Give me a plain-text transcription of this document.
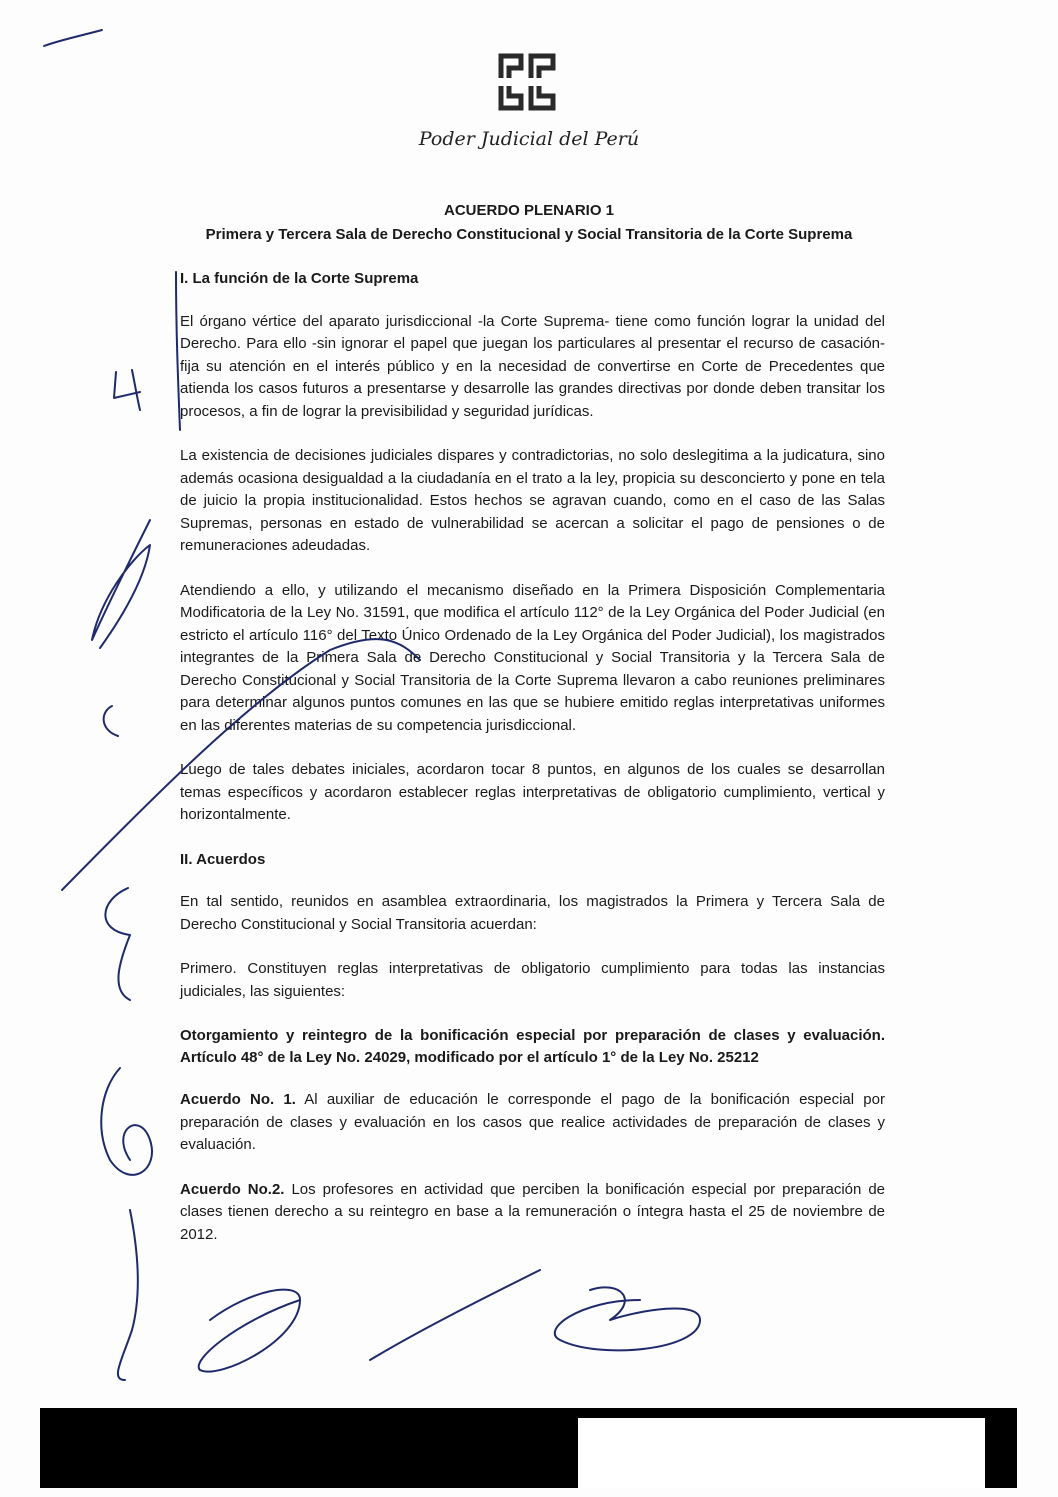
Poder Judicial del Perú
ACUERDO PLENARIO 1
Primera y Tercera Sala de Derecho Constitucional y Social Transitoria de la Corte Suprema
I. La función de la Corte Suprema

El órgano vértice del aparato jurisdiccional -la Corte Suprema- tiene como función lograr la unidad del Derecho. Para ello -sin ignorar el papel que juegan los particulares al presentar el recurso de casación- fija su atención en el interés público y en la necesidad de convertirse en Corte de Precedentes que atienda los casos futuros a presentarse y desarrolle las grandes directivas por donde deben transitar los procesos, a fin de lograr la previsibilidad y seguridad jurídicas.

La existencia de decisiones judiciales dispares y contradictorias, no solo deslegitima a la judicatura, sino además ocasiona desigualdad a la ciudadanía en el trato a la ley, propicia su desconcierto y pone en tela de juicio la propia institucionalidad. Estos hechos se agravan cuando, como en el caso de las Salas Supremas, personas en estado de vulnerabilidad se acercan a solicitar el pago de pensiones o de remuneraciones adeudadas.

Atendiendo a ello, y utilizando el mecanismo diseñado en la Primera Disposición Complementaria Modificatoria de la Ley No. 31591, que modifica el artículo 112° de la Ley Orgánica del Poder Judicial (en estricto el artículo 116° del Texto Único Ordenado de la Ley Orgánica del Poder Judicial), los magistrados integrantes de la Primera Sala de Derecho Constitucional y Social Transitoria y la Tercera Sala de Derecho Constitucional y Social Transitoria de la Corte Suprema llevaron a cabo reuniones preliminares para determinar algunos puntos comunes en las que se hubiere emitido reglas interpretativas uniformes en las diferentes materias de su competencia jurisdiccional.

Luego de tales debates iniciales, acordaron tocar 8 puntos, en algunos de los cuales se desarrollan temas específicos y acordaron establecer reglas interpretativas de obligatorio cumplimiento, vertical y horizontalmente.

II. Acuerdos

En tal sentido, reunidos en asamblea extraordinaria, los magistrados la Primera y Tercera Sala de Derecho Constitucional y Social Transitoria acuerdan:

Primero. Constituyen reglas interpretativas de obligatorio cumplimiento para todas las instancias judiciales, las siguientes:

Otorgamiento y reintegro de la bonificación especial por preparación de clases y evaluación. Artículo 48° de la Ley No. 24029, modificado por el artículo 1° de la Ley No. 25212

Acuerdo No. 1. Al auxiliar de educación le corresponde el pago de la bonificación especial por preparación de clases y evaluación en los casos que realice actividades de preparación de clases y evaluación.

Acuerdo No.2. Los profesores en actividad que perciben la bonificación especial por preparación de clases tienen derecho a su reintegro en base a la remuneración o íntegra hasta el 25 de noviembre de 2012.
